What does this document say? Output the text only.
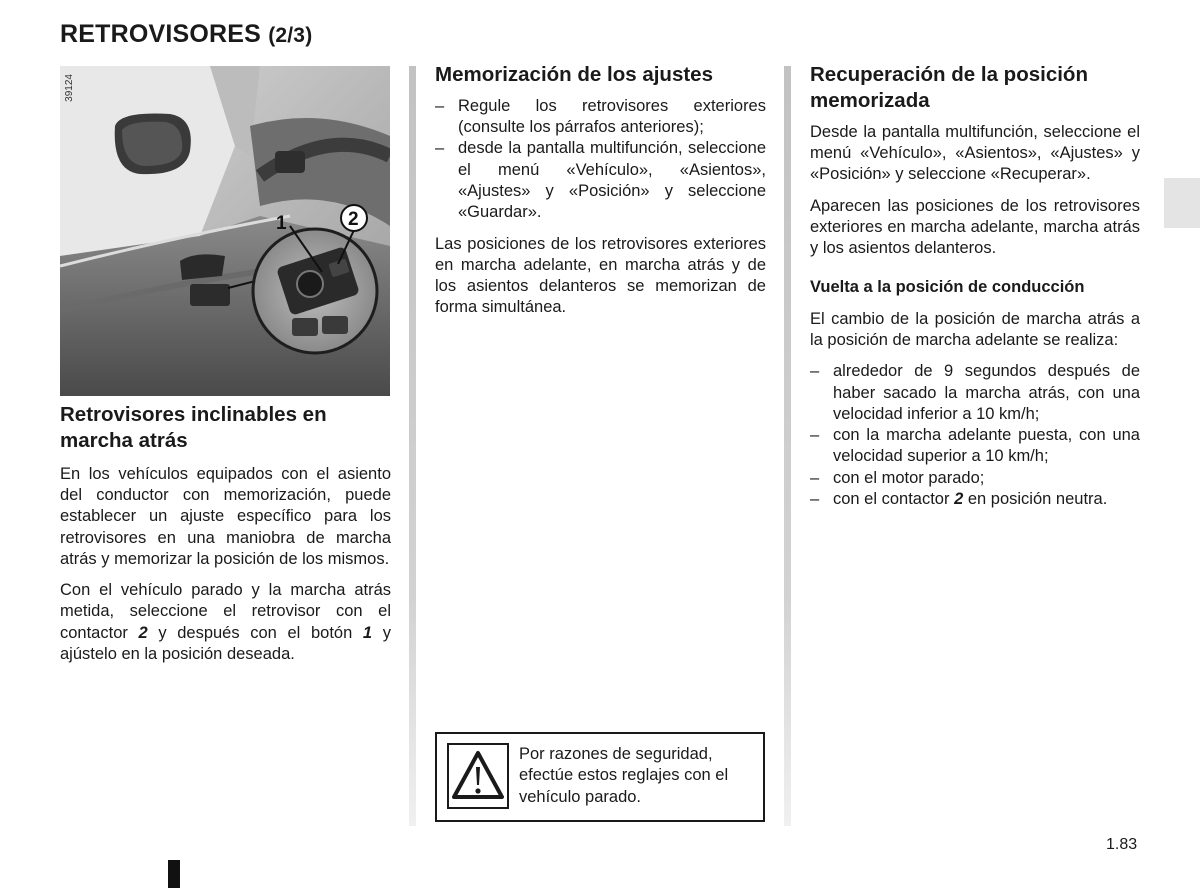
RETROVISORES (2/3)
1	2
39124
Retrovisores inclinables en marcha atrás

En los vehículos equipados con el asiento del conductor con memorización, puede establecer un ajuste específico para los retrovisores en una maniobra de marcha atrás y memorizar la posición de los mismos.

Con el vehículo parado y la marcha atrás metida, seleccione el retrovisor con el contactor 2 y después con el botón 1 y ajústelo en la posición deseada.

Memorización de los ajustes
– Regule los retrovisores exteriores (consulte los párrafos anteriores);
– desde la pantalla multifunción, seleccione el menú «Vehículo», «Asientos», «Ajustes» y «Posición» y seleccione «Guardar».

Las posiciones de los retrovisores exteriores en marcha adelante, en marcha atrás y de los asientos delanteros se memorizan de forma simultánea.

Por razones de seguridad, efectúe estos reglajes con el vehículo parado.
Recuperación de la posición memorizada

Desde la pantalla multifunción, seleccione el menú «Vehículo», «Asientos», «Ajustes» y «Posición» y seleccione «Recuperar».

Aparecen las posiciones de los retrovisores exteriores en marcha adelante, marcha atrás y los asientos delanteros.

Vuelta a la posición de conducción

El cambio de la posición de marcha atrás a la posición de marcha adelante se realiza:

– alrededor de 9 segundos después de haber sacado la marcha atrás, con una velocidad inferior a 10 km/h;
– con la marcha adelante puesta, con una velocidad superior a 10 km/h;
– con el motor parado;
– con el contactor 2 en posición neutra.
1.83
